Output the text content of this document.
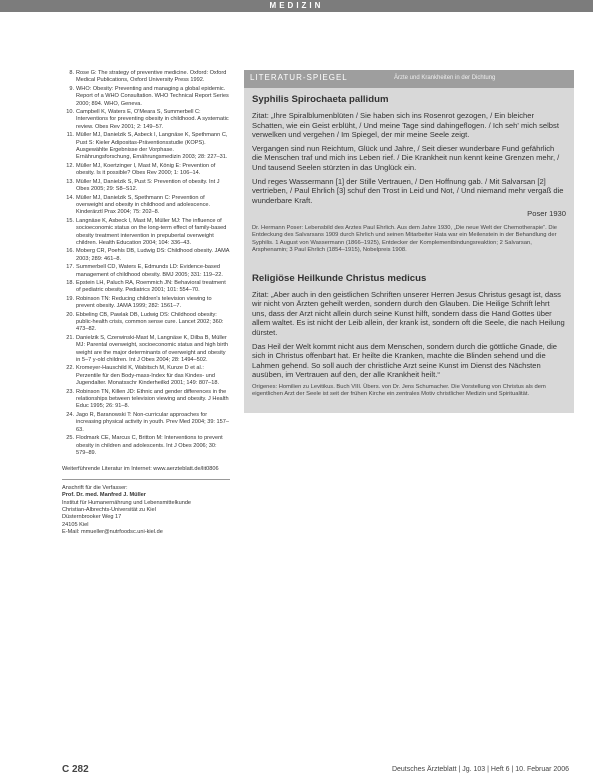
MEDIZIN
8. Rose G: The strategy of preventive medicine. Oxford: Oxford Medical Publications, Oxford University Press 1992.
9. WHO: Obesity: Preventing and managing a global epidemic. Report of a WHO Consultation. WHO Technical Report Series 2000; 894. WHO, Geneva.
10. Campbell K, Waters E, O'Meara S, Summerbell C: Interventions for preventing obesity in childhood. A systematic review. Obes Rev 2001; 2: 149–57.
11. Müller MJ, Danielzik S, Asbeck I, Langnäse K, Spethmann C, Pust S: Kieler Adipositas-Präventionsstudie (KOPS). Ausgewählte Ergebnisse der Vorphase. Ernährungsforschung, Ernährungsmedizin 2003; 28: 227–31.
12. Müller MJ, Koertzinger I, Mast M, König E: Prevention of obesity. Is it possible? Obes Rev 2000; 1: 106–14.
13. Müller MJ, Danielzik S, Pust S: Prevention of obesity. Int J Obes 2005; 29: S8–S12.
14. Müller MJ, Danielzik S, Spethmann C: Prevention of overweight and obesity in childhood and adolescence. Kinderärztl Prax 2004; 75: 202–8.
15. Langnäse K, Asbeck I, Mast M, Müller MJ: The influence of socioeconomic status on the long-term effect of family-based obesity treatment intervention in prepubertal overweight children. Health Education 2004; 104: 336–43.
16. Moberg CR, Poehls DB, Ludwig DS: Childhood obesity. JAMA 2003; 289: 461–8.
17. Summerbell CD, Waters E, Edmunds LD: Evidence-based management of childhood obesity. BMJ 2005; 331: 119–22.
18. Epstein LH, Paluch RA, Roemmich JN: Behavioral treatment of pediatric obesity. Pediatrics 2001; 101: 554–70.
19. Robinson TN: Reducing children's television viewing to prevent obesity. JAMA 1999; 282: 1561–7.
20. Ebbeling CB, Pawlak DB, Ludwig DS: Childhood obesity: public-health crisis, common sense cure. Lancet 2002; 360: 473–82.
21. Danielzik S, Czerwinski-Mast M, Langnäse K, Dilba B, Müller MJ: Parental overweight, socioeconomic status and high birth weight are the major determinants of overweight and obesity in 5–7 y-old children. Int J Obes 2004; 28: 1494–502.
22. Kromeyer-Hauschild K, Wabitsch M, Kunze D et al.: Perzentile für den Body-mass-Index für das Kindes- und Jugendalter. Monatsschr Kinderheilkd 2001; 149: 807–18.
23. Robinson TN, Killen JD: Ethnic and gender differences in the relationships between television viewing and obesity. J Health Educ 1995; 26: 91–8.
24. Jago R, Baranowski T: Non-curricular approaches for increasing physical activity in youth. Prev Med 2004; 39: 157–63.
25. Flodmark CE, Marcus C, Britton M: Interventions to prevent obesity in children and adolescents. Int J Obes 2006; 30: 579–89.

Weiterführende Literatur im Internet: www.aerzteblatt.de/lit0806

Anschrift für die Verfasser:

Prof. Dr. med. Manfred J. Müller

Institut für Humanernährung und Lebensmittelkunde

Christian-Albrechts-Universität zu Kiel

Düsternbrooker Weg 17

24105 Kiel

E-Mail: mmueller@nutrfoodsc.uni-kiel.de

LITERATUR-SPIEGEL	Ärzte und Krankheiten in der Dichtung
Syphilis Spirochaeta pallidum

Zitat: „Ihre Spiralblumenblüten / Sie haben sich ins Rosenrot gezogen, / Ein bleicher Schatten, wie ein Geist erblüht, / Und meine Tage sind dahingeflogen. / Ich seh' mich selbst verwelken und vergehen / Im Spiegel, der mir meine Seele zeigt.

Vergangen sind nun Reichtum, Glück und Jahre, / Seit dieser wunderbare Fund gefährlich die Menschen traf und mich ins Leben rief. / Die Krankheit nun kennt keine Grenzen mehr, / Und tausend Seelen stürzten in das Unglück ein.

Und reges Wassermann [1] der Stille Vertrauen, / Den Hoffnung gab. / Mit Salvarsan [2] vertrieben, / Paul Ehrlich [3] schuf den Trost in Leid und Not, / Und niemand mehr vergaß die wunderbare Kraft.

Poser 1930

Dr. Hermann Poser: Lebensbild des Arztes Paul Ehrlich. Aus dem Jahre 1930, „Die neue Welt der Chemotherapie“. Die Entdeckung des Salvarsans 1909 durch Ehrlich und seinen Mitarbeiter Hata war ein Meilenstein in der Behandlung der Syphilis. 1 August von Wassermann (1866–1925), Entdecker der Komplementbindungsreaktion; 2 Salvarsan, Arsphenamin; 3 Paul Ehrlich (1854–1915), Nobelpreis 1908.

Religiöse Heilkunde Christus medicus

Zitat: „Aber auch in den geistlichen Schriften unserer Herren Jesus Christus gesagt ist, dass wir nicht von Ärzten geheilt werden, sondern durch den Glauben. Die Heilige Schrift lehrt uns, dass der Arzt nicht allein durch seine Kunst hilft, sondern dass die Hand Gottes über allem waltet. Es ist nicht der Leib allein, der krank ist, sondern oft die Seele, die nach Heilung dürstet.

Das Heil der Welt kommt nicht aus dem Menschen, sondern durch die göttliche Gnade, die sich in Christus offenbart hat. Er heilte die Kranken, machte die Blinden sehend und die Lahmen gehend. So soll auch der christliche Arzt seine Kunst im Dienst des Nächsten ausüben, im Vertrauen auf den, der alle Krankheit heilt.“

Origenes: Homilien zu Levitikus. Buch VIII. Übers. von Dr. Jens Schumacher. Die Vorstellung von Christus als dem eigentlichen Arzt der Seele ist seit der frühen Kirche ein zentrales Motiv christlicher Medizin und Spiritualität.

C 282	Deutsches Ärzteblatt | Jg. 103 | Heft 6 | 10. Februar 2006
